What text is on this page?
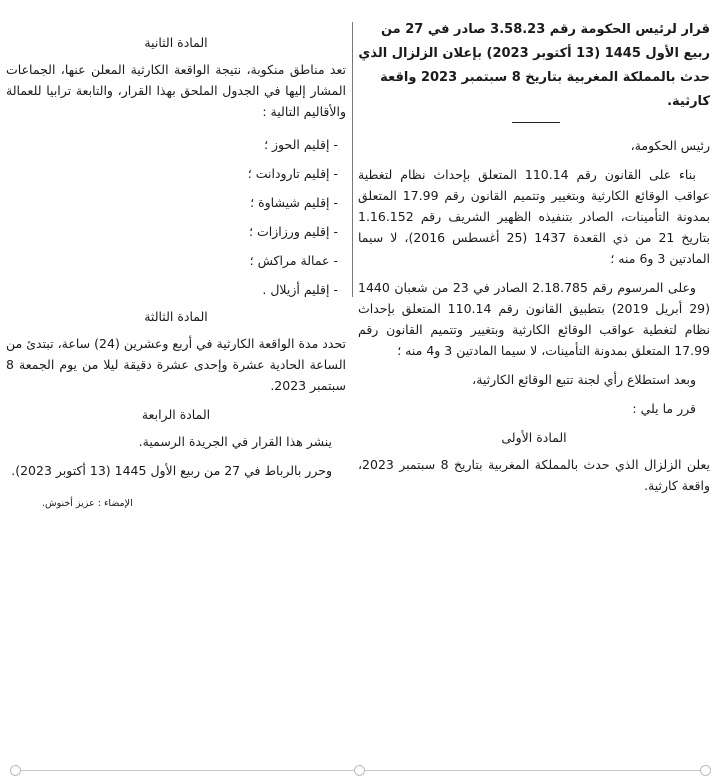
قرار لرئيس الحكومة رقم 3.58.23 صادر في 27 من ربيع الأول 1445 (13 أكتوبر 2023) بإعلان الزلزال الذي حدث بالمملكة المغربية بتاريخ 8 سبتمبر 2023 واقعة كارثية.
رئيس الحكومة،
بناء على القانون رقم 110.14 المتعلق بإحداث نظام لتغطية عواقب الوقائع الكارثية وبتغيير وتتميم القانون رقم 17.99 المتعلق بمدونة التأمينات، الصادر بتنفيذه الظهير الشريف رقم 1.16.152 بتاريخ 21 من ذي القعدة 1437 (25 أغسطس 2016)، لا سيما المادتين 3 و6 منه ؛
وعلى المرسوم رقم 2.18.785 الصادر في 23 من شعبان 1440 (29 أبريل 2019) بتطبيق القانون رقم 110.14 المتعلق بإحداث نظام لتغطية عواقب الوقائع الكارثية وبتغيير وتتميم القانون رقم 17.99 المتعلق بمدونة التأمينات، لا سيما المادتين 3 و4 منه ؛
وبعد استطلاع رأي لجنة تتبع الوقائع الكارثية،
قرر ما يلي :
المادة الأولى
يعلن الزلزال الذي حدث بالمملكة المغربية بتاريخ 8 سبتمبر 2023، واقعة كارثية.
المادة الثانية
تعد مناطق منكوبة، نتيجة الواقعة الكارثية المعلن عنها، الجماعات المشار إليها في الجدول الملحق بهذا القرار، والتابعة ترابيا للعمالة والأقاليم التالية :
- إقليم الحوز ؛
- إقليم تارودانت ؛
- إقليم شيشاوة ؛
- إقليم ورزازات ؛
- عمالة مراكش ؛
- إقليم أزيلال .
المادة الثالثة
تحدد مدة الواقعة الكارثية في أربع وعشرين (24) ساعة، تبتدئ من الساعة الحادية عشرة وإحدى عشرة دقيقة ليلا من يوم الجمعة 8 سبتمبر 2023.
المادة الرابعة
ينشر هذا القرار في الجريدة الرسمية.
وحرر بالرباط في 27 من ربيع الأول 1445 (13 أكتوبر 2023).
الإمضاء : عزيز أخنوش.
